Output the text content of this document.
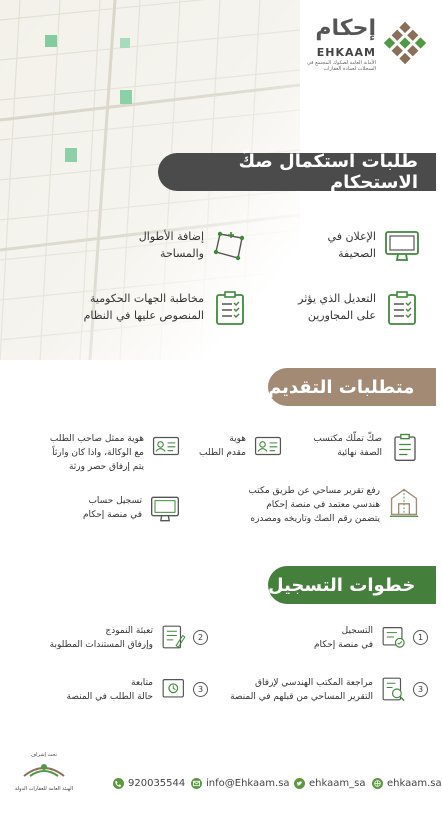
إحكام
EHKAAM
الأمانة العامة لصكوك المجتمع في السجلات لعمادة العقارات
طلبات استكمال صكّ الاستحكام
الإعلان في
الصحيفة
إضافة الأطوال
والمساحة
التعديل الذي يؤثر
على المجاورين
مخاطبة الجهات الحكومية
المنصوص عليها في النظام
متطلبات التقديم
صكّ تملّك مكتسب
الصفة نهائية
هوية
مقدم الطلب
هوية ممثل صاحب الطلب
مع الوكالة، واذا كان وارثاً
يتم إرفاق حصر ورثة
رفع تقرير مساحي عن طريق مكتب
هندسي معتمد في منصة إحكام
يتضمن رقم الصك وتاريخه ومصدره
تسجيل حساب
في منصة إحكام
خطوات التسجيل
1
التسجيل
في منصة إحكام
2
تعبئة النموذج
وإرفاق المستندات المطلوبة
3
مراجعة المكتب الهندسي لإرفاق
التقرير المساحي من قبلهم في المنصة
3
متابعة
حالة الطلب في المنصة
تحت إشراف
الهيئة العامة للعقارات الدولة	920035544 info@Ehkaam.sa ehkaam_sa ehkaam.sa
